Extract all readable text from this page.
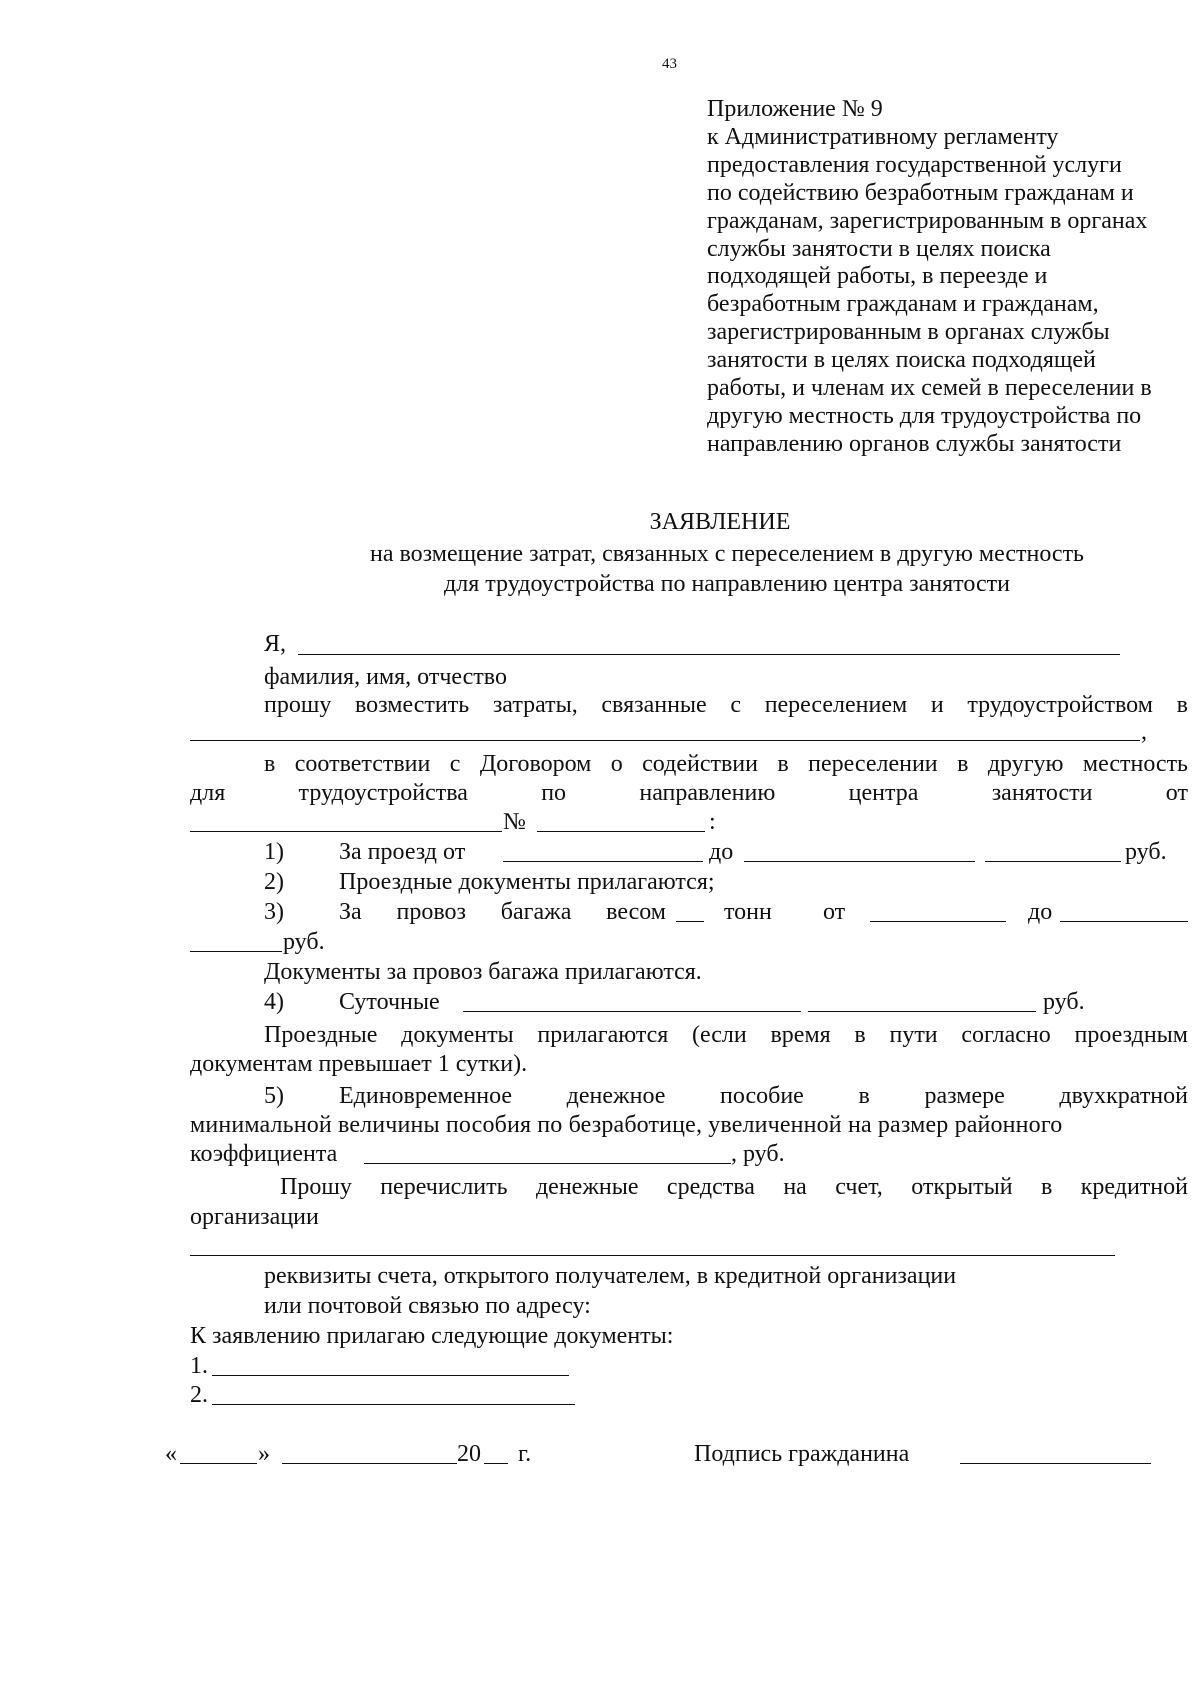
43
Приложение № 9
к Административному регламенту
предоставления государственной услуги
по содействию безработным гражданам и
гражданам, зарегистрированным в органах
службы занятости в целях поиска
подходящей работы, в переезде и
безработным гражданам и гражданам,
зарегистрированным в органах службы
занятости в целях поиска подходящей
работы, и членам их семей в переселении в
другую местность для трудоустройства по
направлению органов службы занятости
ЗАЯВЛЕНИЕ
на возмещение затрат, связанных с переселением в другую местность
для трудоустройства по направлению центра занятости
Я,
фамилия, имя, отчество
прошу возместить затраты, связанные с переселением и трудоустройством в
,
в соответствии с Договором о содействии в переселении в другую местность
для	трудоустройства	по	направлению	центра	занятости	от
№	:
1) За проезд от	до	руб.
2) Проездные документы прилагаются;
3) За провоз багажа весом тонн от	до
руб.
Документы за провоз багажа прилагаются.
4) Суточные	руб.
Проездные документы прилагаются (если время в пути согласно проездным
документам превышает 1 сутки).
5) Единовременное денежное пособие в размере двухкратной
минимальной величины пособия по безработице, увеличенной на размер районного
коэффициента	, руб.
Прошу перечислить денежные средства на счет, открытый в кредитной
организации
реквизиты счета, открытого получателем, в кредитной организации
или почтовой связью по адресу:
К заявлению прилагаю следующие документы:
1.
2.
«	»	20 г.	Подпись гражданина
